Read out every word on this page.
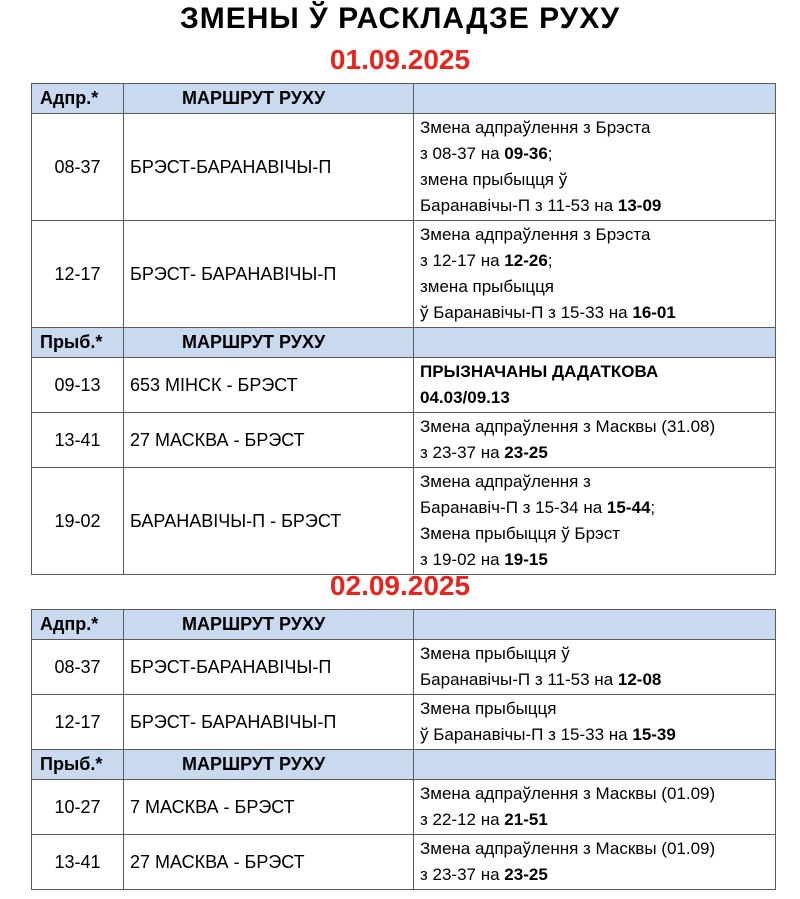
ЗМЕНЫ Ў РАСКЛАДЗЕ РУХУ
01.09.2025
Адпр.*	МАРШРУТ РУХУ	
08-37	БРЭСТ-БАРАНАВІЧЫ-П	Змена адпраўлення з Брэста
з 08-37 на 09-36;
змена прыбыцця ў
Баранавічы-П з 11-53 на 13-09

12-17	БРЭСТ- БАРАНАВІЧЫ-П	Змена адпраўлення з Брэста
з 12-17 на 12-26;
змена прыбыцця
ў Баранавічы-П з 15-33 на 16-01

Прыб.*	МАРШРУТ РУХУ	
09-13	653 МІНСК - БРЭСТ	ПРЫЗНАЧАНЫ ДАДАТКОВА
04.03/09.13

13-41	27 МАСКВА - БРЭСТ	Змена адпраўлення з Масквы (31.08)
з 23-37 на 23-25

19-02	БАРАНАВІЧЫ-П - БРЭСТ	Змена адпраўлення з
Баранавіч-П з 15-34 на 15-44;
Змена прыбыцця ў Брэст
з 19-02 на 19-15
02.09.2025
Адпр.*	МАРШРУТ РУХУ	
08-37	БРЭСТ-БАРАНАВІЧЫ-П	Змена прыбыцця ў
Баранавічы-П з 11-53 на 12-08

12-17	БРЭСТ- БАРАНАВІЧЫ-П	Змена прыбыцця
ў Баранавічы-П з 15-33 на 15-39

Прыб.*	МАРШРУТ РУХУ	
10-27	7 МАСКВА - БРЭСТ	Змена адпраўлення з Масквы (01.09)
з 22-12 на 21-51

13-41	27 МАСКВА - БРЭСТ	Змена адпраўлення з Масквы (01.09)
з 23-37 на 23-25
